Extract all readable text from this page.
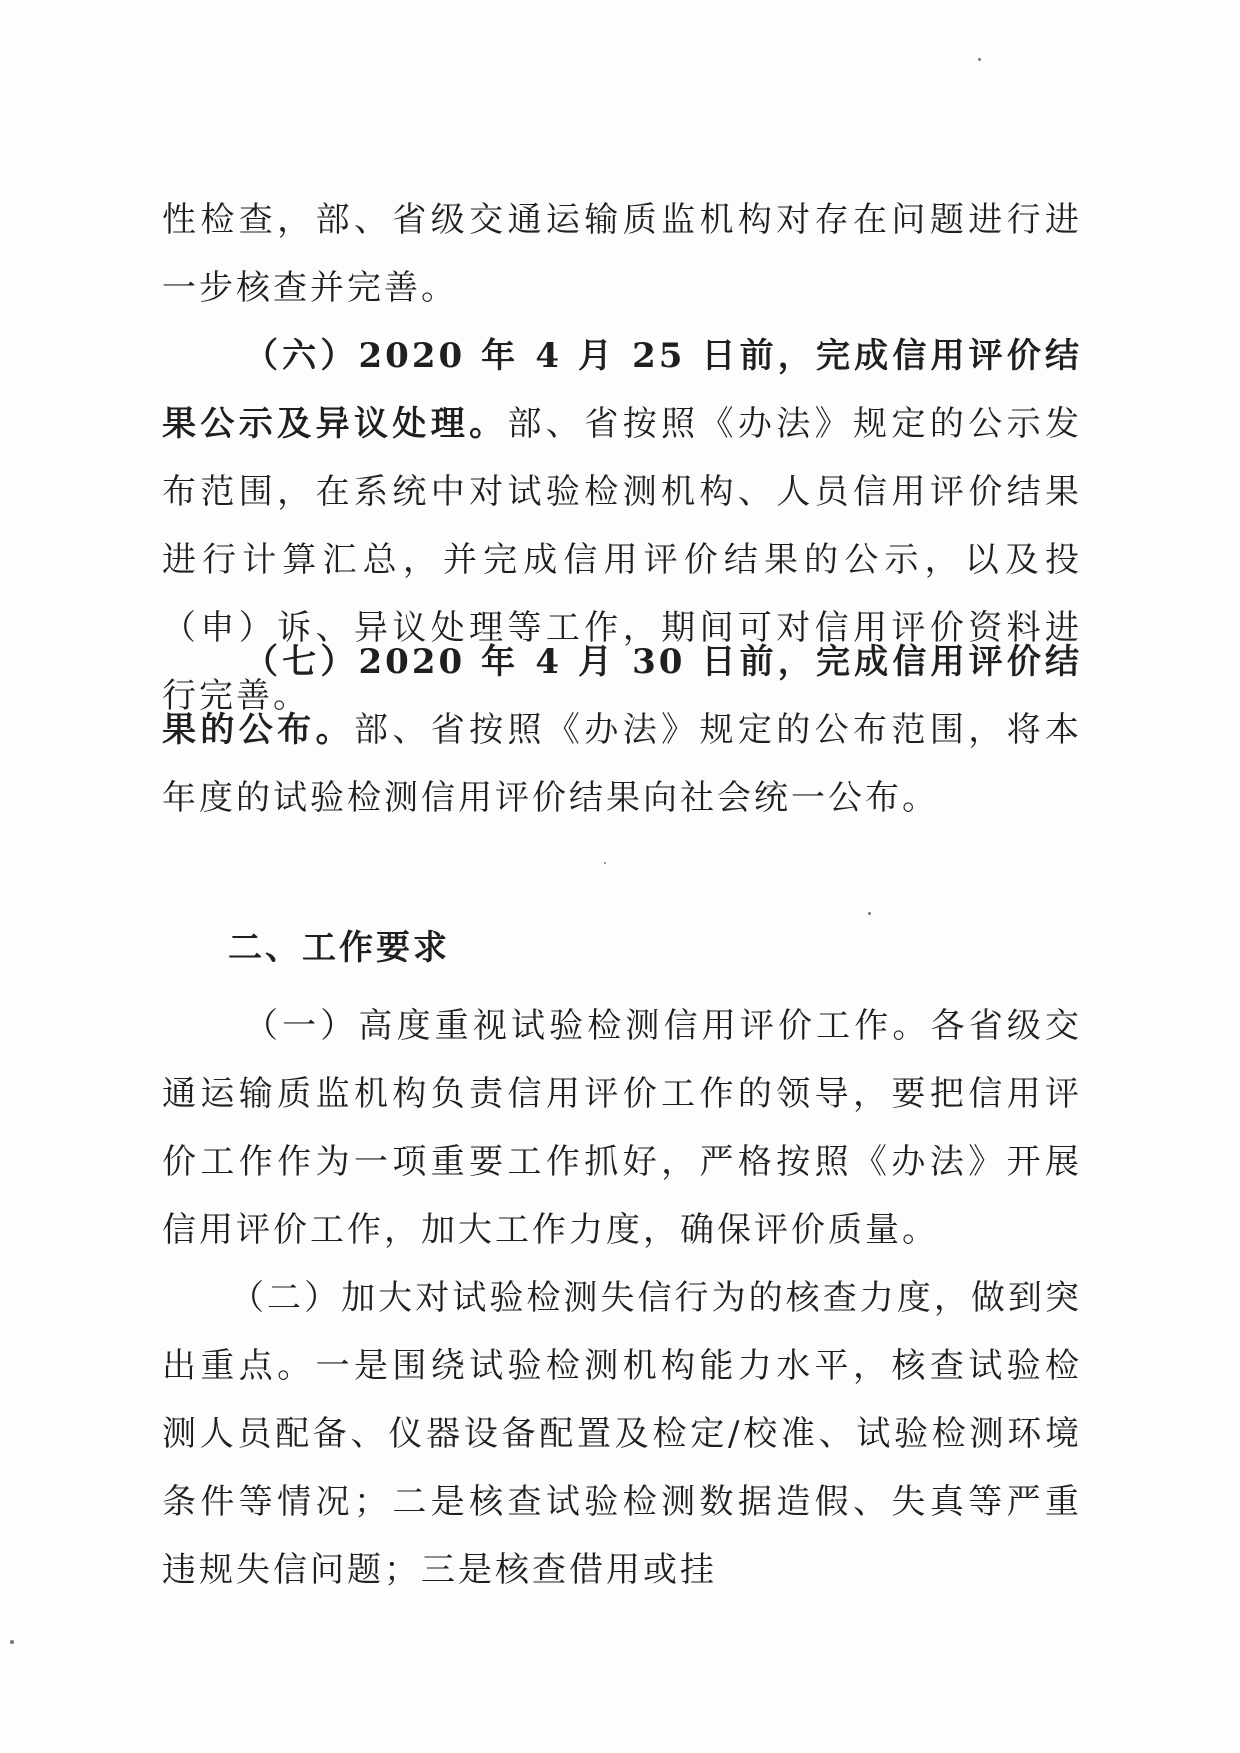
性检查，部、省级交通运输质监机构对存在问题进行进一步核查并完善。
（六）2020 年 4 月 25 日前，完成信用评价结果公示及异议处理。部、省按照《办法》规定的公示发布范围，在系统中对试验检测机构、人员信用评价结果进行计算汇总，并完成信用评价结果的公示，以及投（申）诉、异议处理等工作，期间可对信用评价资料进行完善。
（七）2020 年 4 月 30 日前，完成信用评价结果的公布。部、省按照《办法》规定的公布范围，将本年度的试验检测信用评价结果向社会统一公布。
二、工作要求
（一）高度重视试验检测信用评价工作。各省级交通运输质监机构负责信用评价工作的领导，要把信用评价工作作为一项重要工作抓好，严格按照《办法》开展信用评价工作，加大工作力度，确保评价质量。
（二）加大对试验检测失信行为的核查力度，做到突出重点。一是围绕试验检测机构能力水平，核查试验检测人员配备、仪器设备配置及检定/校准、试验检测环境条件等情况；二是核查试验检测数据造假、失真等严重违规失信问题；三是核查借用或挂
